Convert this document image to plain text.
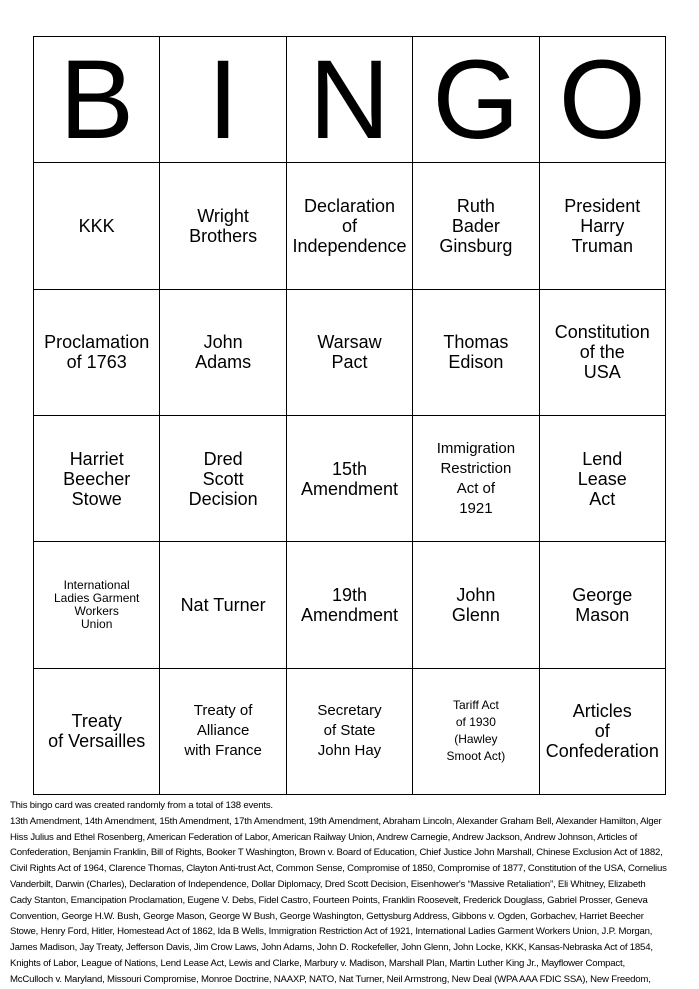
B I N G O
KKK	Wright
Brothers
Declaration
of
Independence
Ruth
Bader
Ginsburg
President
Harry
Truman
Proclamation
of 1763
John
Adams
Warsaw
Pact
Thomas
Edison
Constitution
of the
USA
Harriet
Beecher
Stowe
Dred
Scott
Decision
15th
Amendment
Immigration
Restriction
Act of
1921
Lend
Lease
Act
International
Ladies Garment
Workers
Union
Nat Turner	19th
Amendment
John
Glenn
George
Mason
Treaty
of Versailles
Treaty of
Alliance
with France
Secretary
of State
John Hay
Tariff Act
of 1930
(Hawley
Smoot Act)
Articles
of
Confederation
This bingo card was created randomly from a total of 138 events.
13th Amendment, 14th Amendment, 15th Amendment, 17th Amendment, 19th Amendment, Abraham Lincoln, Alexander Graham Bell, Alexander Hamilton, Alger
Hiss Julius and Ethel Rosenberg, American Federation of Labor, American Railway Union, Andrew Carnegie, Andrew Jackson, Andrew Johnson, Articles of
Confederation, Benjamin Franklin, Bill of Rights, Booker T Washington, Brown v. Board of Education, Chief Justice John Marshall, Chinese Exclusion Act of 1882,
Civil Rights Act of 1964, Clarence Thomas, Clayton Anti-trust Act, Common Sense, Compromise of 1850, Compromise of 1877, Constitution of the USA, Cornelius
Vanderbilt, Darwin (Charles), Declaration of Independence, Dollar Diplomacy, Dred Scott Decision, Eisenhower's “Massive Retaliation”, Eli Whitney, Elizabeth
Cady Stanton, Emancipation Proclamation, Eugene V. Debs, Fidel Castro, Fourteen Points, Franklin Roosevelt, Frederick Douglass, Gabriel Prosser, Geneva
Convention, George H.W. Bush, George Mason, George W Bush, George Washington, Gettysburg Address, Gibbons v. Ogden, Gorbachev, Harriet Beecher
Stowe, Henry Ford, Hitler, Homestead Act of 1862, Ida B Wells, Immigration Restriction Act of 1921, International Ladies Garment Workers Union, J.P. Morgan,
James Madison, Jay Treaty, Jefferson Davis, Jim Crow Laws, John Adams, John D. Rockefeller, John Glenn, John Locke, KKK, Kansas-Nebraska Act of 1854,
Knights of Labor, League of Nations, Lend Lease Act, Lewis and Clarke, Marbury v. Madison, Marshall Plan, Martin Luther King Jr., Mayflower Compact,
McCulloch v. Maryland, Missouri Compromise, Monroe Doctrine, NAAXP, NATO, Nat Turner, Neil Armstrong, New Deal (WPA AAA FDIC SSA), New Freedom,
